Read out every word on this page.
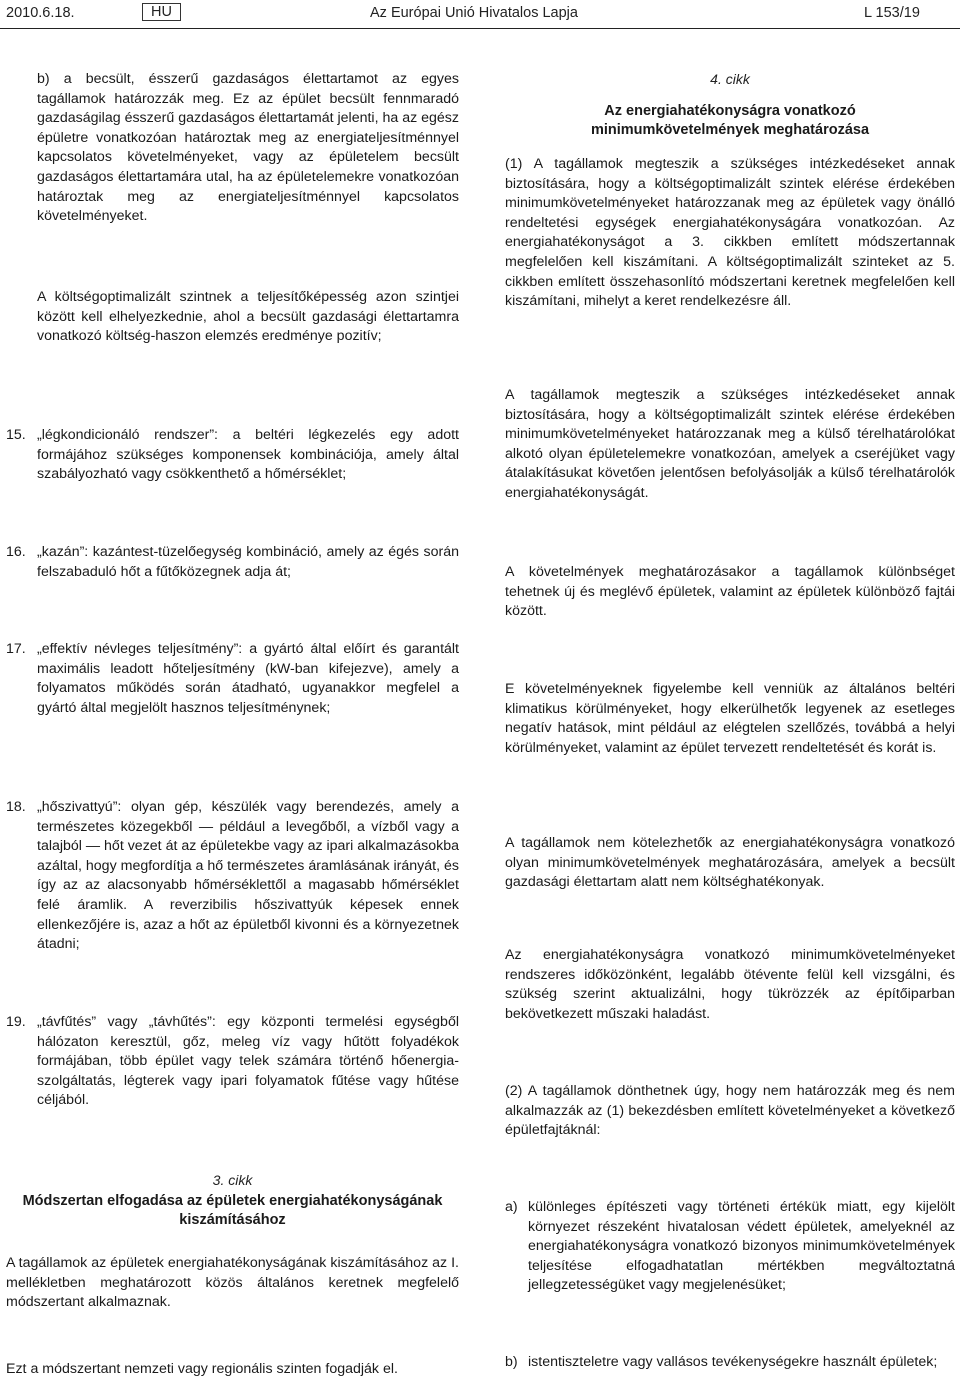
2010.6.18.	HU	Az Európai Unió Hivatalos Lapja	L 153/19

b) a becsült, ésszerű gazdaságos élettartamot az egyes tagállamok határozzák meg. Ez az épület becsült fennmaradó gazdaságilag ésszerű gazdaságos élettartamát jelenti, ha az egész épületre vonatkozóan határoztak meg az energiateljesítménnyel kapcsolatos követelményeket, vagy az épületelem becsült gazdaságos élettartamára utal, ha az épületelemekre vonatkozóan határoztak meg az energiateljesítménnyel kapcsolatos követelményeket.

A költségoptimalizált szintnek a teljesítőképesség azon szintjei között kell elhelyezkednie, ahol a becsült gazdasági élettartamra vonatkozó költség-haszon elemzés eredménye pozitív;

15. „légkondicionáló rendszer”: a beltéri légkezelés egy adott formájához szükséges komponensek kombinációja, amely által szabályozható vagy csökkenthető a hőmérséklet;
16. „kazán”: kazántest-tüzelőegység kombináció, amely az égés során felszabaduló hőt a fűtőközegnek adja át;
17. „effektív névleges teljesítmény”: a gyártó által előírt és garantált maximális leadott hőteljesítmény (kW-ban kifejezve), amely a folyamatos működés során átadható, ugyanakkor megfelel a gyártó által megjelölt hasznos teljesítménynek;
18. „hőszivattyú”: olyan gép, készülék vagy berendezés, amely a természetes közegekből — például a levegőből, a vízből vagy a talajból — hőt vezet át az épületekbe vagy az ipari alkalmazásokba azáltal, hogy megfordítja a hő természetes áramlásának irányát, és így az az alacsonyabb hőmérséklettől a magasabb hőmérséklet felé áramlik. A reverzibilis hőszivattyúk képesek ennek ellenkezőjére is, azaz a hőt az épületből kivonni és a környezetnek átadni;
19. „távfűtés” vagy „távhűtés”: egy központi termelési egységből hálózaton keresztül, gőz, meleg víz vagy hűtött folyadékok formájában, több épület vagy telek számára történő hőenergia-szolgáltatás, légterek vagy ipari folyamatok fűtése vagy hűtése céljából.
3. cikk
Módszertan elfogadása az épületek energiahatékonyságának kiszámításához

A tagállamok az épületek energiahatékonyságának kiszámításához az I. mellékletben meghatározott közös általános keretnek megfelelő módszertant alkalmaznak.

Ezt a módszertant nemzeti vagy regionális szinten fogadják el.

4. cikk
Az energiahatékonyságra vonatkozó minimumkövetelmények meghatározása

(1) A tagállamok megteszik a szükséges intézkedéseket annak biztosítására, hogy a költségoptimalizált szintek elérése érdekében minimumkövetelményeket határozzanak meg az épületek vagy önálló rendeltetési egységek energiahatékonyságára vonatkozóan. Az energiahatékonyságot a 3. cikkben említett módszertannak megfelelően kell kiszámítani. A költségoptimalizált szinteket az 5. cikkben említett összehasonlító módszertani keretnek megfelelően kell kiszámítani, mihelyt a keret rendelkezésre áll.

A tagállamok megteszik a szükséges intézkedéseket annak biztosítására, hogy a költségoptimalizált szintek elérése érdekében minimumkövetelményeket határozzanak meg a külső térelhatárolókat alkotó olyan épületelemekre vonatkozóan, amelyek a cseréjüket vagy átalakításukat követően jelentősen befolyásolják a külső térelhatárolók energiahatékonyságát.

A követelmények meghatározásakor a tagállamok különbséget tehetnek új és meglévő épületek, valamint az épületek különböző fajtái között.

E követelményeknek figyelembe kell venniük az általános beltéri klimatikus körülményeket, hogy elkerülhetők legyenek az esetleges negatív hatások, mint például az elégtelen szellőzés, továbbá a helyi körülményeket, valamint az épület tervezett rendeltetését és korát is.

A tagállamok nem kötelezhetők az energiahatékonyságra vonatkozó olyan minimumkövetelmények meghatározására, amelyek a becsült gazdasági élettartam alatt nem költséghatékonyak.

Az energiahatékonyságra vonatkozó minimumkövetelményeket rendszeres időközönként, legalább ötévente felül kell vizsgálni, és szükség szerint aktualizálni, hogy tükrözzék az építőiparban bekövetkezett műszaki haladást.

(2) A tagállamok dönthetnek úgy, hogy nem határozzák meg és nem alkalmazzák az (1) bekezdésben említett követelményeket a következő épületfajtáknál:

a) különleges építészeti vagy történeti értékük miatt, egy kijelölt környezet részeként hivatalosan védett épületek, amelyeknél az energiahatékonyságra vonatkozó bizonyos minimumkövetelmények teljesítése elfogadhatatlan mértékben megváltoztatná jellegzetességüket vagy megjelenésüket;
b) istentiszteletre vagy vallásos tevékenységekre használt épületek;
